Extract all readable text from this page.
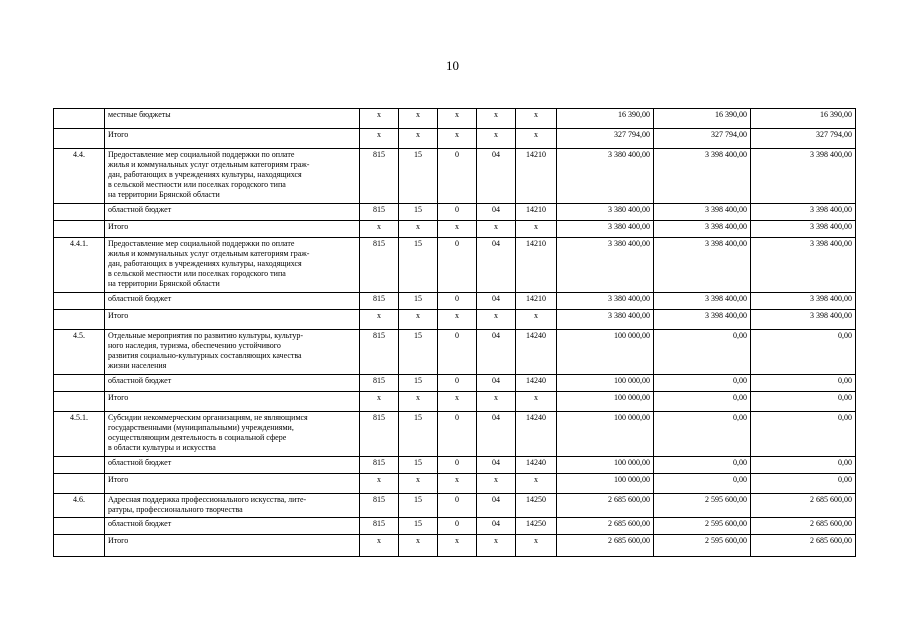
10
	местные бюджеты	x	x	x	x	x	16 390,00	16 390,00	16 390,00
	Итого	x	x	x	x	x	327 794,00	327 794,00	327 794,00
4.4.	Предоставление мер социальной поддержки по оплате
жилья и коммунальных услуг отдельным категориям граж-
дан, работающих в учреждениях культуры, находящихся
в сельской местности или поселках городского типа
на территории Брянской области	815	15	0	04	14210	3 380 400,00	3 398 400,00	3 398 400,00
	областной бюджет	815	15	0	04	14210	3 380 400,00	3 398 400,00	3 398 400,00
	Итого	x	x	x	x	x	3 380 400,00	3 398 400,00	3 398 400,00
4.4.1.	Предоставление мер социальной поддержки по оплате
жилья и коммунальных услуг отдельным категориям граж-
дан, работающих в учреждениях культуры, находящихся
в сельской местности или поселках городского типа
на территории Брянской области	815	15	0	04	14210	3 380 400,00	3 398 400,00	3 398 400,00
	областной бюджет	815	15	0	04	14210	3 380 400,00	3 398 400,00	3 398 400,00
	Итого	x	x	x	x	x	3 380 400,00	3 398 400,00	3 398 400,00
4.5.	Отдельные мероприятия по развитию культуры, культур-
ного наследия, туризма, обеспечению устойчивого
развития социально-культурных составляющих качества
жизни населения	815	15	0	04	14240	100 000,00	0,00	0,00
	областной бюджет	815	15	0	04	14240	100 000,00	0,00	0,00
	Итого	x	x	x	x	x	100 000,00	0,00	0,00
4.5.1.	Субсидии некоммерческим организациям, не являющимся
государственными (муниципальными) учреждениями,
осуществляющим деятельность в социальной сфере
в области культуры и искусства	815	15	0	04	14240	100 000,00	0,00	0,00
	областной бюджет	815	15	0	04	14240	100 000,00	0,00	0,00
	Итого	x	x	x	x	x	100 000,00	0,00	0,00
4.6.	Адресная поддержка профессионального искусства, лите-
ратуры, профессионального творчества	815	15	0	04	14250	2 685 600,00	2 595 600,00	2 685 600,00
	областной бюджет	815	15	0	04	14250	2 685 600,00	2 595 600,00	2 685 600,00
	Итого	x	x	x	x	x	2 685 600,00	2 595 600,00	2 685 600,00
